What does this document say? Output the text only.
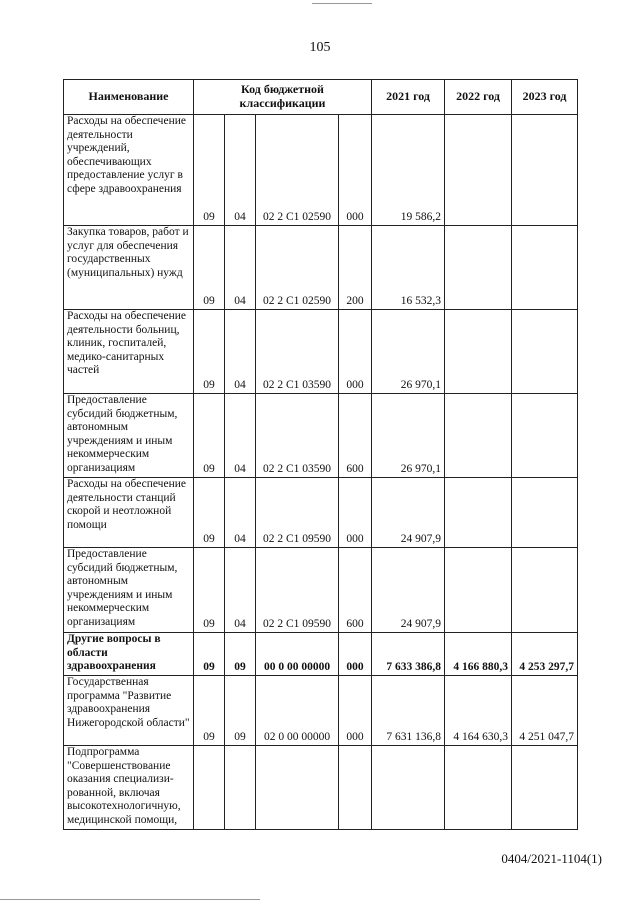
105
Наименование	Код бюджетной классификации				2021 год	2022 год	2023 год
Расходы на обеспечение деятельности учреждений, обеспечивающих предоставление услуг в сфере здравоохранения	09	04	02 2 С1 02590	000	19 586,2		
Закупка товаров, работ и услуг для обеспечения государственных (муниципальных) нужд	09	04	02 2 С1 02590	200	16 532,3		
Расходы на обеспечение деятельности больниц, клиник, госпиталей, медико-санитарных частей	09	04	02 2 С1 03590	000	26 970,1		
Предоставление субсидий бюджетным, автономным учреждениям и иным некоммерческим организациям	09	04	02 2 С1 03590	600	26 970,1		
Расходы на обеспечение деятельности станций скорой и неотложной помощи	09	04	02 2 С1 09590	000	24 907,9		
Предоставление субсидий бюджетным, автономным учреждениям и иным некоммерческим организациям	09	04	02 2 С1 09590	600	24 907,9		
Другие вопросы в области здравоохранения	09	09	00 0 00 00000	000	7 633 386,8	4 166 880,3	4 253 297,7
Государственная программа "Развитие здравоохранения Нижегородской области"	09	09	02 0 00 00000	000	7 631 136,8	4 164 630,3	4 251 047,7
Подпрограмма "Совершенствование оказания специализи-рованной, включая высокотехнологичную, медицинской помощи,							
0404/2021-1104(1)
